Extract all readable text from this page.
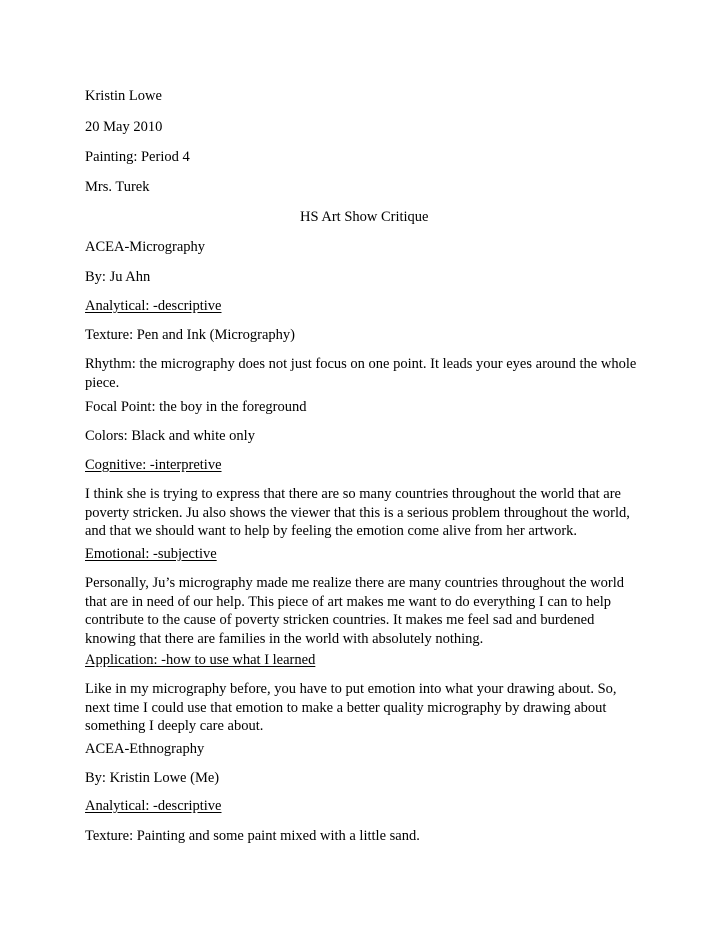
Kristin Lowe
20 May 2010
Painting: Period 4
Mrs. Turek
HS Art Show Critique
ACEA-Micrography
By: Ju Ahn
Analytical: -descriptive
Texture: Pen and Ink (Micrography)
Rhythm: the micrography does not just focus on one point. It leads your eyes around the whole piece.
Focal Point: the boy in the foreground
Colors: Black and white only
Cognitive: -interpretive
I think she is trying to express that there are so many countries throughout the world that are poverty stricken. Ju also shows the viewer that this is a serious problem throughout the world, and that we should want to help by feeling the emotion come alive from her artwork.
Emotional: -subjective
Personally, Ju’s micrography made me realize there are many countries throughout the world that are in need of our help. This piece of art makes me want to do everything I can to help contribute to the cause of poverty stricken countries. It makes me feel sad and burdened knowing that there are families in the world with absolutely nothing.
Application: -how to use what I learned
Like in my micrography before, you have to put emotion into what your drawing about. So, next time I could use that emotion to make a better quality micrography by drawing about something I deeply care about.
ACEA-Ethnography
By: Kristin Lowe (Me)
Analytical: -descriptive
Texture: Painting and some paint mixed with a little sand.
